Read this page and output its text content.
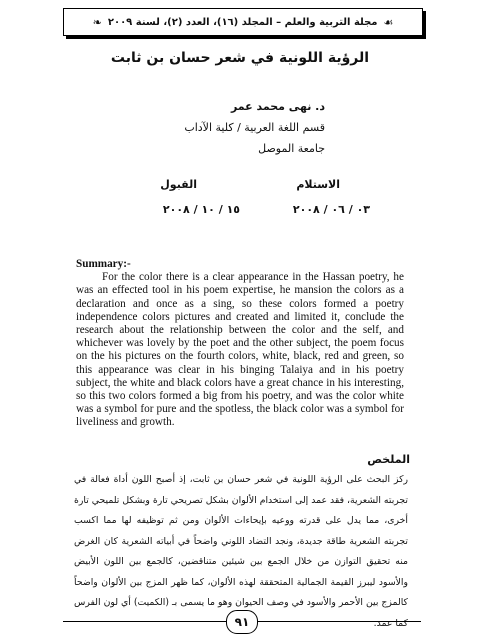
☙
مجلة التربية والعلم – المجلد (١٦)، العدد (٢)، لسنة ٢٠٠٩
❧
الرؤية اللونية في شعر حسان بن ثابت
د. نهى محمد عمر
قسم اللغة العربية / كلية الآداب
جامعة الموصل
الاستلام
٠٣ / ٠٦ / ٢٠٠٨
القبول
١٥ / ١٠ / ٢٠٠٨
Summary:-
For the color there is a clear appearance in the Hassan poetry, he was an effected tool in his poem expertise, he mansion the colors as a declaration and once as a sing, so these colors formed a poetry independence colors pictures and created and limited it, conclude the research about the relationship between the color and the self, and whichever was lovely by the poet and the other subject, the poem focus on the his pictures on the fourth colors, white, black, red and green, so this appearance was clear in his binging Talaiya and in his poetry subject, the white and black colors have a great chance in his interesting, so this two colors formed a big from his poetry, and was the color white was a symbol for pure and the spotless, the black color was a symbol for liveliness and growth.
الملخص
ركز البحث على الرؤية اللونية في شعر حسان بن ثابت، إذ أصبح اللون أداة فعالة في تجربته الشعرية، فقد عمد إلى استخدام الألوان بشكل تصريحي تارة وبشكل تلميحي تارة أخرى، مما يدل على قدرته ووعيه بإيحاءات الألوان ومن ثم توظيفه لها مما اكسب تجربته الشعرية طاقة جديدة، ونجد التضاد اللوني واضحاً في أبياته الشعرية كان الغرض منه تحقيق التوازن من خلال الجمع بين شيئين متناقضين، كالجمع بين اللون الأبيض والأسود ليبرز القيمة الجمالية المتحققة لهذه الألوان، كما ظهر المزج بين الألوان واضحاً كالمزج بين الأحمر والأسود في وصف الحيوان وهو ما يسمى بـ (الكميت) أي لون الفرس كما عمد.
٩١
